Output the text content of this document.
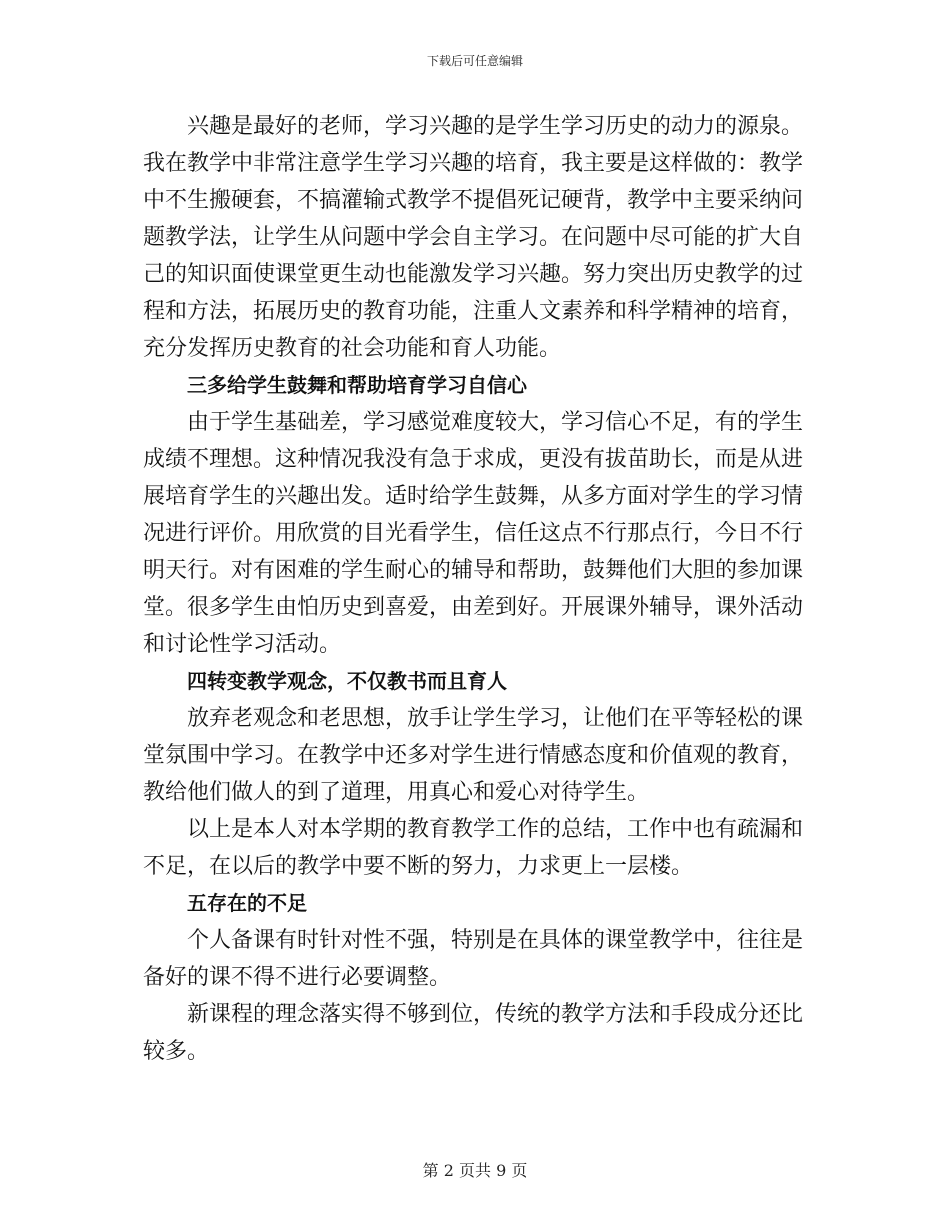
下载后可任意编辑

兴趣是最好的老师，学习兴趣的是学生学习历史的动力的源泉。
我在教学中非常注意学生学习兴趣的培育，我主要是这样做的：教学
中不生搬硬套，不搞灌输式教学不提倡死记硬背，教学中主要采纳问
题教学法，让学生从问题中学会自主学习。在问题中尽可能的扩大自
己的知识面使课堂更生动也能激发学习兴趣。努力突出历史教学的过
程和方法，拓展历史的教育功能，注重人文素养和科学精神的培育，
充分发挥历史教育的社会功能和育人功能。

三多给学生鼓舞和帮助培育学习自信心

由于学生基础差，学习感觉难度较大，学习信心不足，有的学生
成绩不理想。这种情况我没有急于求成，更没有拔苗助长，而是从进
展培育学生的兴趣出发。适时给学生鼓舞，从多方面对学生的学习情
况进行评价。用欣赏的目光看学生，信任这点不行那点行，今日不行
明天行。对有困难的学生耐心的辅导和帮助，鼓舞他们大胆的参加课
堂。很多学生由怕历史到喜爱，由差到好。开展课外辅导，课外活动
和讨论性学习活动。

四转变教学观念，不仅教书而且育人

放弃老观念和老思想，放手让学生学习，让他们在平等轻松的课
堂氛围中学习。在教学中还多对学生进行情感态度和价值观的教育，
教给他们做人的到了道理，用真心和爱心对待学生。

以上是本人对本学期的教育教学工作的总结，工作中也有疏漏和
不足，在以后的教学中要不断的努力，力求更上一层楼。

五存在的不足

个人备课有时针对性不强，特别是在具体的课堂教学中，往往是
备好的课不得不进行必要调整。

新课程的理念落实得不够到位，传统的教学方法和手段成分还比
较多。

第 2 页共 9 页
